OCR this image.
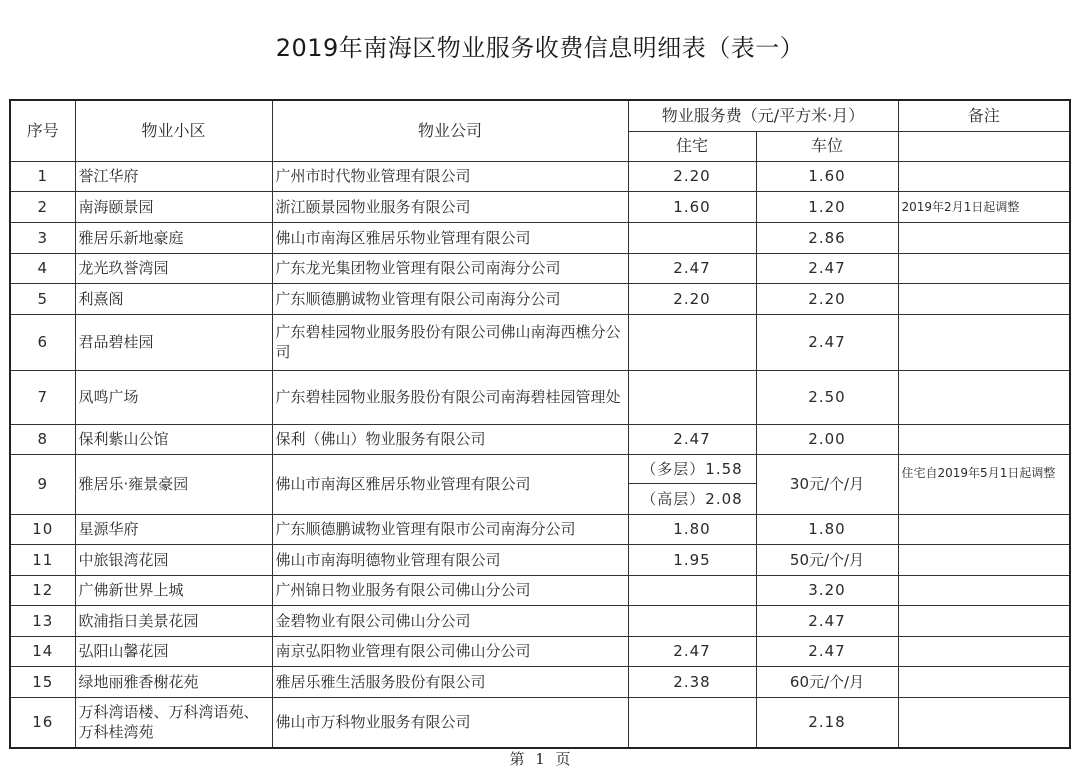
2019年南海区物业服务收费信息明细表（表一）
序号	物业小区	物业公司	物业服务费（元/平方米·月）		备注
			住宅	车位	
1	誉江华府	广州市时代物业管理有限公司	2.20	1.60	
2	南海颐景园	浙江颐景园物业服务有限公司	1.60	1.20	2019年2月1日起调整
3	雅居乐新地豪庭	佛山市南海区雅居乐物业管理有限公司		2.86	
4	龙光玖誉湾园	广东龙光集团物业管理有限公司南海分公司	2.47	2.47	
5	利熹阁	广东顺德鹏诚物业管理有限公司南海分公司	2.20	2.20	
6	君品碧桂园	广东碧桂园物业服务股份有限公司佛山南海西樵分公司		2.47	
7	凤鸣广场	广东碧桂园物业服务股份有限公司南海碧桂园管理处		2.50	
8	保利紫山公馆	保利（佛山）物业服务有限公司	2.47	2.00	
9	雅居乐·雍景豪园	佛山市南海区雅居乐物业管理有限公司	（多层）1.58	30元/个/月	住宅自2019年5月1日起调整
			（高层）2.08		
10	星源华府	广东顺德鹏诚物业管理有限市公司南海分公司	1.80	1.80	
11	中旅银湾花园	佛山市南海明德物业管理有限公司	1.95	50元/个/月	
12	广佛新世界上城	广州锦日物业服务有限公司佛山分公司		3.20	
13	欧浦指日美景花园	金碧物业有限公司佛山分公司		2.47	
14	弘阳山馨花园	南京弘阳物业管理有限公司佛山分公司	2.47	2.47	
15	绿地丽雅香榭花苑	雅居乐雅生活服务股份有限公司	2.38	60元/个/月	
16	万科湾语楼、万科湾语苑、万科桂湾苑	佛山市万科物业服务有限公司		2.18	
第 1 页
